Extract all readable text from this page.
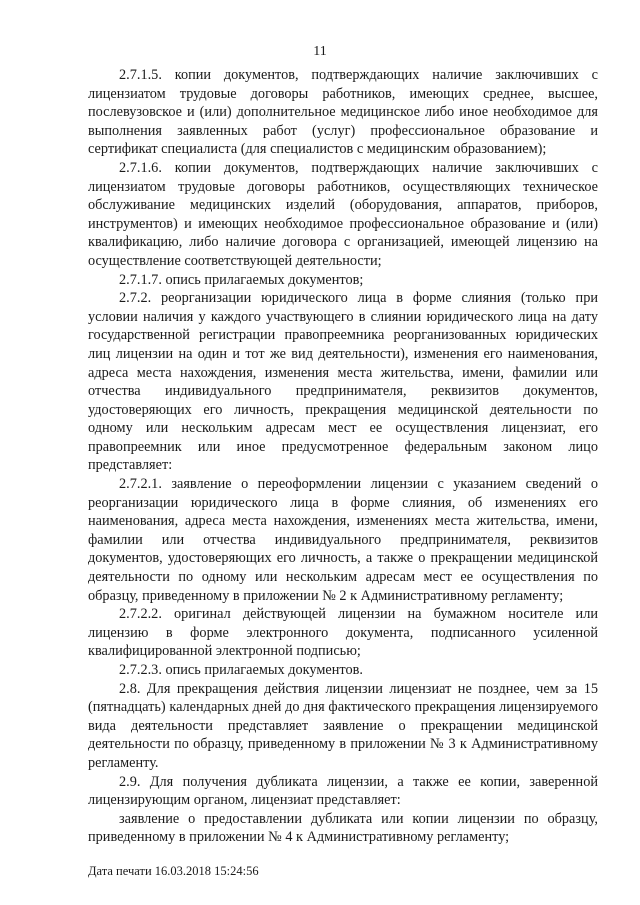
11

2.7.1.5. копии документов, подтверждающих наличие заключивших с лицензиатом трудовые договоры работников, имеющих среднее, высшее, послевузовское и (или) дополнительное медицинское либо иное необходимое для выполнения заявленных работ (услуг) профессиональное образование и сертификат специалиста (для специалистов с медицинским образованием);

2.7.1.6. копии документов, подтверждающих наличие заключивших с лицензиатом трудовые договоры работников, осуществляющих техническое обслуживание медицинских изделий (оборудования, аппаратов, приборов, инструментов) и имеющих необходимое профессиональное образование и (или) квалификацию, либо наличие договора с организацией, имеющей лицензию на осуществление соответствующей деятельности;

2.7.1.7. опись прилагаемых документов;

2.7.2. реорганизации юридического лица в форме слияния (только при условии наличия у каждого участвующего в слиянии юридического лица на дату государственной регистрации правопреемника реорганизованных юридических лиц лицензии на один и тот же вид деятельности), изменения его наименования, адреса места нахождения, изменения места жительства, имени, фамилии или отчества индивидуального предпринимателя, реквизитов документов, удостоверяющих его личность, прекращения медицинской деятельности по одному или нескольким адресам мест ее осуществления лицензиат, его правопреемник или иное предусмотренное федеральным законом лицо представляет:

2.7.2.1. заявление о переоформлении лицензии с указанием сведений о реорганизации юридического лица в форме слияния, об изменениях его наименования, адреса места нахождения, изменениях места жительства, имени, фамилии или отчества индивидуального предпринимателя, реквизитов документов, удостоверяющих его личность, а также о прекращении медицинской деятельности по одному или нескольким адресам мест ее осуществления по образцу, приведенному в приложении № 2 к Административному регламенту;

2.7.2.2. оригинал действующей лицензии на бумажном носителе или лицензию в форме электронного документа, подписанного усиленной квалифицированной электронной подписью;

2.7.2.3. опись прилагаемых документов.

2.8. Для прекращения действия лицензии лицензиат не позднее, чем за 15 (пятнадцать) календарных дней до дня фактического прекращения лицензируемого вида деятельности представляет заявление о прекращении медицинской деятельности по образцу, приведенному в приложении № 3 к Административному регламенту.

2.9. Для получения дубликата лицензии, а также ее копии, заверенной лицензирующим органом, лицензиат представляет:

заявление о предоставлении дубликата или копии лицензии по образцу, приведенному в приложении № 4 к Административному регламенту;

Дата печати 16.03.2018 15:24:56
